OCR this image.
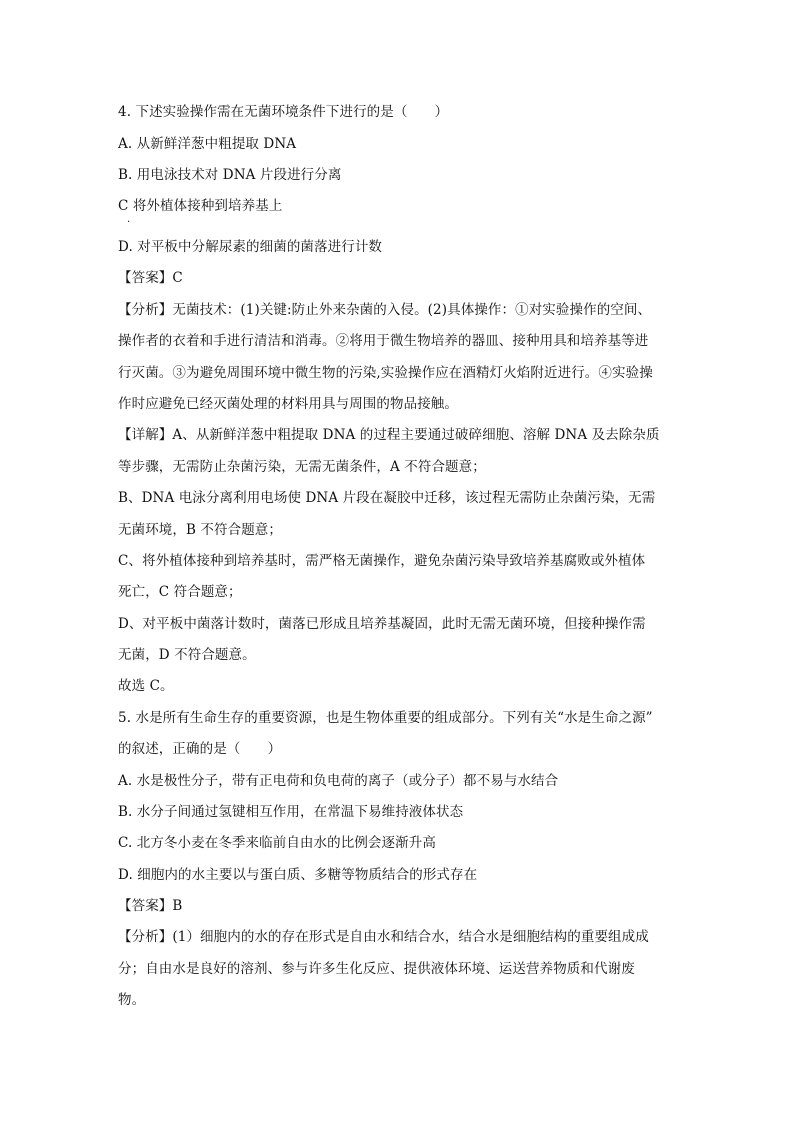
4. 下述实验操作需在无菌环境条件下进行的是（　　）
A. 从新鲜洋葱中粗提取 DNA
B. 用电泳技术对 DNA 片段进行分离
C 将外植体接种到培养基上
·
D. 对平板中分解尿素的细菌的菌落进行计数
【答案】C
【分析】无菌技术：(1)关键:防止外来杂菌的入侵。(2)具体操作：①对实验操作的空间、
操作者的衣着和手进行清洁和消毒。②将用于微生物培养的器皿、接种用具和培养基等进
行灭菌。③为避免周围环境中微生物的污染,实验操作应在酒精灯火焰附近进行。④实验操
作时应避免已经灭菌处理的材料用具与周围的物品接触。
【详解】A、从新鲜洋葱中粗提取 DNA 的过程主要通过破碎细胞、溶解 DNA 及去除杂质
等步骤，无需防止杂菌污染，无需无菌条件，A 不符合题意；
B、DNA 电泳分离利用电场使 DNA 片段在凝胶中迁移，该过程无需防止杂菌污染，无需
无菌环境，B 不符合题意；
C、将外植体接种到培养基时，需严格无菌操作，避免杂菌污染导致培养基腐败或外植体
死亡，C 符合题意；
D、对平板中菌落计数时，菌落已形成且培养基凝固，此时无需无菌环境，但接种操作需
无菌，D 不符合题意。
故选 C。
5. 水是所有生命生存的重要资源，也是生物体重要的组成部分。下列有关“水是生命之源”
的叙述，正确的是（　　）
A. 水是极性分子，带有正电荷和负电荷的离子（或分子）都不易与水结合
B. 水分子间通过氢键相互作用，在常温下易维持液体状态
C. 北方冬小麦在冬季来临前自由水的比例会逐渐升高
D. 细胞内的水主要以与蛋白质、多糖等物质结合的形式存在
【答案】B
【分析】(1）细胞内的水的存在形式是自由水和结合水，结合水是细胞结构的重要组成成
分；自由水是良好的溶剂、参与许多生化反应、提供液体环境、运送营养物质和代谢废
物。
